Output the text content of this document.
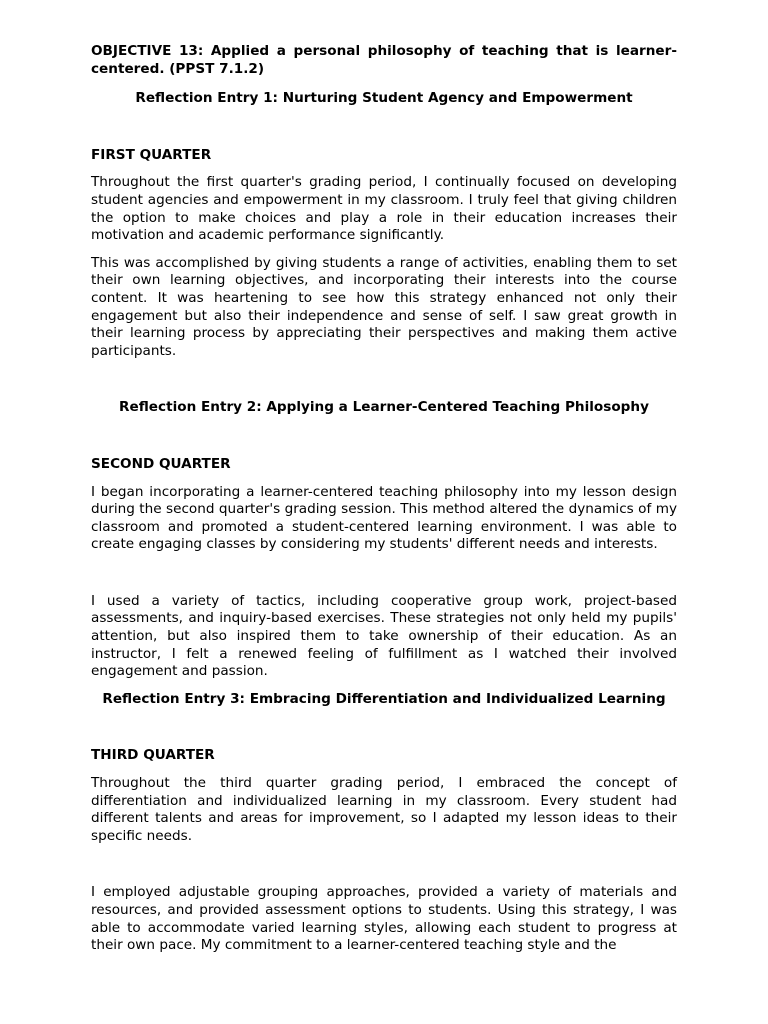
OBJECTIVE 13: Applied a personal philosophy of teaching that is learner-centered. (PPST 7.1.2)
Reflection Entry 1: Nurturing Student Agency and Empowerment
FIRST QUARTER

Throughout the first quarter's grading period, I continually focused on developing student agencies and empowerment in my classroom. I truly feel that giving children the option to make choices and play a role in their education increases their motivation and academic performance significantly.

This was accomplished by giving students a range of activities, enabling them to set their own learning objectives, and incorporating their interests into the course content. It was heartening to see how this strategy enhanced not only their engagement but also their independence and sense of self. I saw great growth in their learning process by appreciating their perspectives and making them active participants.

Reflection Entry 2: Applying a Learner-Centered Teaching Philosophy
SECOND QUARTER

I began incorporating a learner-centered teaching philosophy into my lesson design during the second quarter's grading session. This method altered the dynamics of my classroom and promoted a student-centered learning environment. I was able to create engaging classes by considering my students' different needs and interests.

I used a variety of tactics, including cooperative group work, project-based assessments, and inquiry-based exercises. These strategies not only held my pupils' attention, but also inspired them to take ownership of their education. As an instructor, I felt a renewed feeling of fulfillment as I watched their involved engagement and passion.

Reflection Entry 3: Embracing Differentiation and Individualized Learning
THIRD QUARTER

Throughout the third quarter grading period, I embraced the concept of differentiation and individualized learning in my classroom. Every student had different talents and areas for improvement, so I adapted my lesson ideas to their specific needs.

I employed adjustable grouping approaches, provided a variety of materials and resources, and provided assessment options to students. Using this strategy, I was able to accommodate varied learning styles, allowing each student to progress at their own pace. My commitment to a learner-centered teaching style and the
